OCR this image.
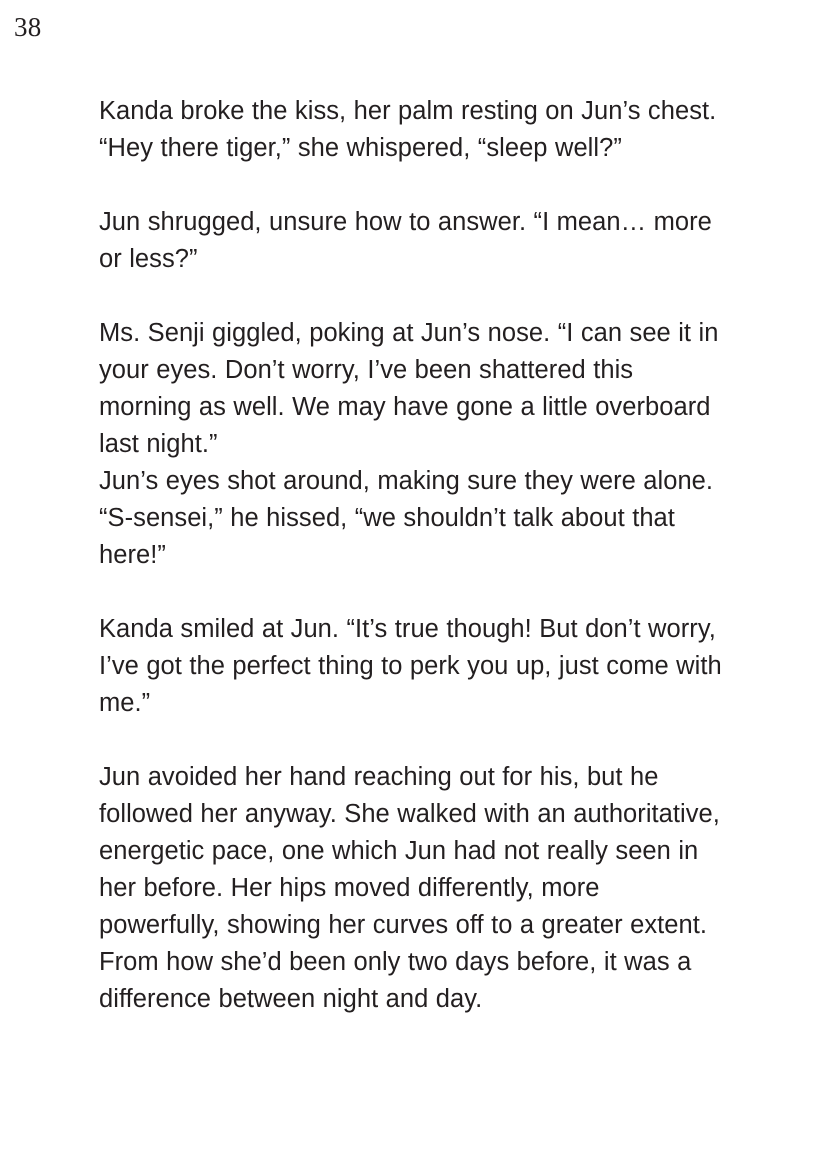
38

Kanda broke the kiss, her palm resting on Jun’s chest. “Hey there tiger,” she whispered, “sleep well?”

Jun shrugged, unsure how to answer. “I mean… more or less?”

Ms. Senji giggled, poking at Jun’s nose. “I can see it in your eyes. Don’t worry, I’ve been shattered this morning as well. We may have gone a little overboard last night.”

Jun’s eyes shot around, making sure they were alone. “S-sensei,” he hissed, “we shouldn’t talk about that here!”

Kanda smiled at Jun. “It’s true though! But don’t worry, I’ve got the perfect thing to perk you up, just come with me.”

Jun avoided her hand reaching out for his, but he followed her anyway. She walked with an authoritative, energetic pace, one which Jun had not really seen in her before. Her hips moved differently, more powerfully, showing her curves off to a greater extent. From how she’d been only two days before, it was a difference between night and day.
